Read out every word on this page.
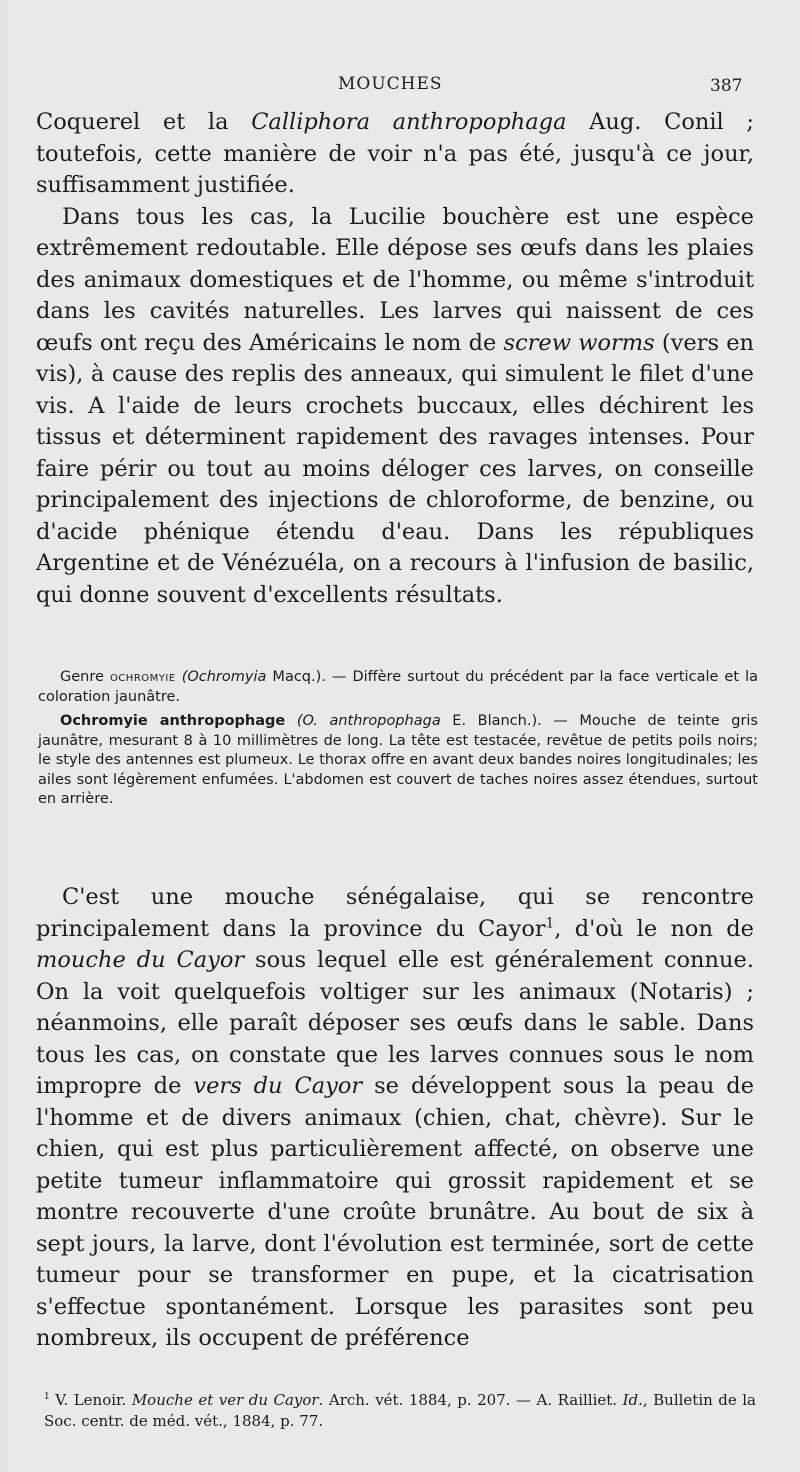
MOUCHES	387

Coquerel et la Calliphora anthropophaga Aug. Conil ; toutefois, cette manière de voir n'a pas été, jusqu'à ce jour, suffisamment justifiée.

Dans tous les cas, la Lucilie bouchère est une espèce extrêmement redoutable. Elle dépose ses œufs dans les plaies des animaux domestiques et de l'homme, ou même s'introduit dans les cavités naturelles. Les larves qui naissent de ces œufs ont reçu des Américains le nom de screw worms (vers en vis), à cause des replis des anneaux, qui simulent le filet d'une vis. A l'aide de leurs crochets buccaux, elles déchirent les tissus et déterminent rapidement des ravages intenses. Pour faire périr ou tout au moins déloger ces larves, on conseille principalement des injections de chloroforme, de benzine, ou d'acide phénique étendu d'eau. Dans les républiques Argentine et de Vénézuéla, on a recours à l'infusion de basilic, qui donne souvent d'excellents résultats.

Genre ochromyie (Ochromyia Macq.). — Diffère surtout du précédent par la face verticale et la coloration jaunâtre.

Ochromyie anthropophage (O. anthropophaga E. Blanch.). — Mouche de teinte gris jaunâtre, mesurant 8 à 10 millimètres de long. La tête est testacée, revêtue de petits poils noirs; le style des antennes est plumeux. Le thorax offre en avant deux bandes noires longitudinales; les ailes sont légèrement enfumées. L'abdomen est couvert de taches noires assez étendues, surtout en arrière.

C'est une mouche sénégalaise, qui se rencontre principalement dans la province du Cayor$^1$, d'où le non de mouche du Cayor sous lequel elle est généralement connue. On la voit quelquefois voltiger sur les animaux (Notaris) ; néanmoins, elle paraît déposer ses œufs dans le sable. Dans tous les cas, on constate que les larves connues sous le nom impropre de vers du Cayor se développent sous la peau de l'homme et de divers animaux (chien, chat, chèvre). Sur le chien, qui est plus particulièrement affecté, on observe une petite tumeur inflammatoire qui grossit rapidement et se montre recouverte d'une croûte brunâtre. Au bout de six à sept jours, la larve, dont l'évolution est terminée, sort de cette tumeur pour se transformer en pupe, et la cicatrisation s'effectue spontanément. Lorsque les parasites sont peu nombreux, ils occupent de préférence

$^1$ V. Lenoir. Mouche et ver du Cayor. Arch. vét. 1884, p. 207. — A. Railliet. Id., Bulletin de la Soc. centr. de méd. vét., 1884, p. 77.
